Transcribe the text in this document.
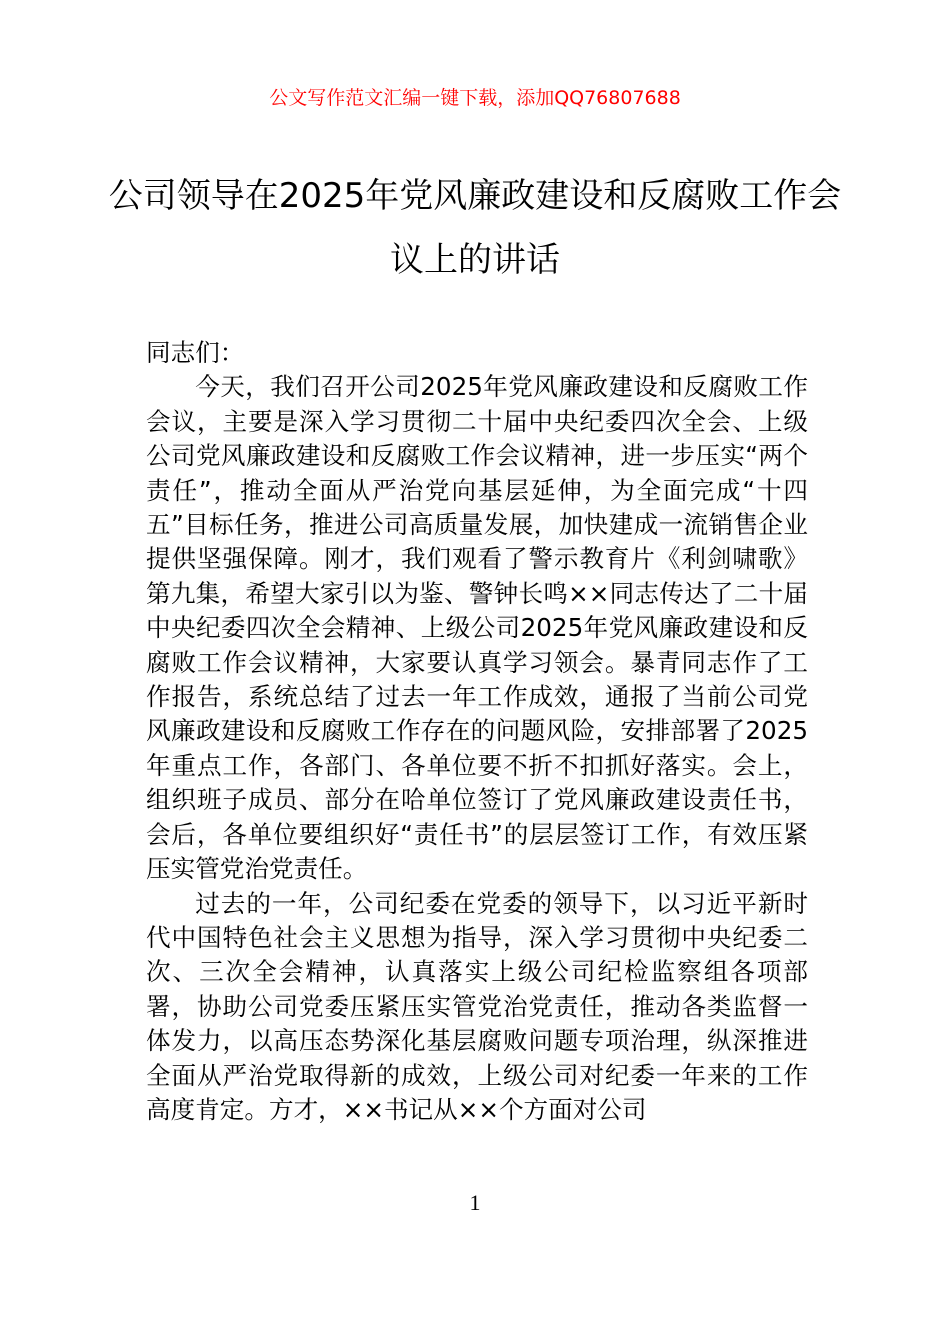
公文写作范文汇编一键下载，添加QQ76807688
公司领导在2025年党风廉政建设和反腐败工作会议上的讲话

同志们：

今天，我们召开公司2025年党风廉政建设和反腐败工作会议，主要是深入学习贯彻二十届中央纪委四次全会、上级公司党风廉政建设和反腐败工作会议精神，进一步压实“两个责任”，推动全面从严治党向基层延伸，为全面完成“十四五”目标任务，推进公司高质量发展，加快建成一流销售企业提供坚强保障。刚才，我们观看了警示教育片《利剑啸歌》第九集，希望大家引以为鉴、警钟长鸣××同志传达了二十届中央纪委四次全会精神、上级公司2025年党风廉政建设和反腐败工作会议精神，大家要认真学习领会。暴青同志作了工作报告，系统总结了过去一年工作成效，通报了当前公司党风廉政建设和反腐败工作存在的问题风险，安排部署了2025年重点工作，各部门、各单位要不折不扣抓好落实。会上，组织班子成员、部分在哈单位签订了党风廉政建设责任书，会后，各单位要组织好“责任书”的层层签订工作，有效压紧压实管党治党责任。

过去的一年，公司纪委在党委的领导下，以习近平新时代中国特色社会主义思想为指导，深入学习贯彻中央纪委二次、三次全会精神，认真落实上级公司纪检监察组各项部署，协助公司党委压紧压实管党治党责任，推动各类监督一体发力，以高压态势深化基层腐败问题专项治理，纵深推进全面从严治党取得新的成效，上级公司对纪委一年来的工作高度肯定。方才，××书记从××个方面对公司

1
